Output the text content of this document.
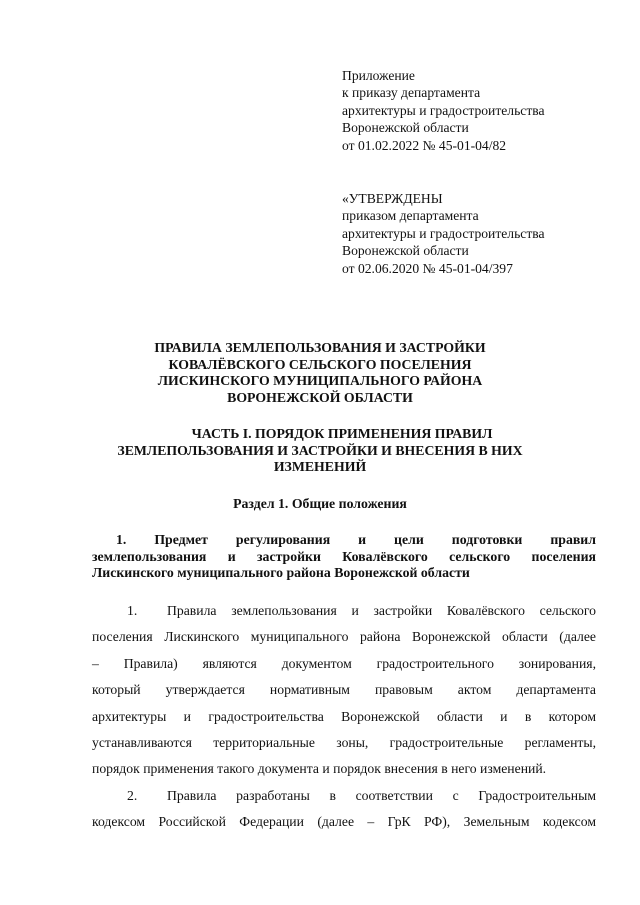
Приложение
к приказу департамента
архитектуры и градостроительства
Воронежской области
от 01.02.2022 № 45-01-04/82
«УТВЕРЖДЕНЫ
приказом департамента
архитектуры и градостроительства
Воронежской области
от 02.06.2020 № 45-01-04/397
ПРАВИЛА ЗЕМЛЕПОЛЬЗОВАНИЯ И ЗАСТРОЙКИ
КОВАЛЁВСКОГО СЕЛЬСКОГО ПОСЕЛЕНИЯ
ЛИСКИНСКОГО МУНИЦИПАЛЬНОГО РАЙОНА
ВОРОНЕЖСКОЙ ОБЛАСТИ
ЧАСТЬ I. ПОРЯДОК ПРИМЕНЕНИЯ ПРАВИЛ
ЗЕМЛЕПОЛЬЗОВАНИЯ И ЗАСТРОЙКИ И ВНЕСЕНИЯ В НИХ
ИЗМЕНЕНИЙ
Раздел 1. Общие положения
1. Предмет регулирования и цели подготовки правил
землепользования и застройки Ковалёвского сельского поселения
Лискинского муниципального района Воронежской области
1. Правила землепользования и застройки Ковалёвского сельского
поселения Лискинского муниципального района Воронежской области (далее
– Правила) являются документом градостроительного зонирования,
который утверждается нормативным правовым актом департамента
архитектуры и градостроительства Воронежской области и в котором
устанавливаются территориальные зоны, градостроительные регламенты,
порядок применения такого документа и порядок внесения в него изменений.
2. Правила разработаны в соответствии с Градостроительным
кодексом Российской Федерации (далее – ГрК РФ), Земельным кодексом
